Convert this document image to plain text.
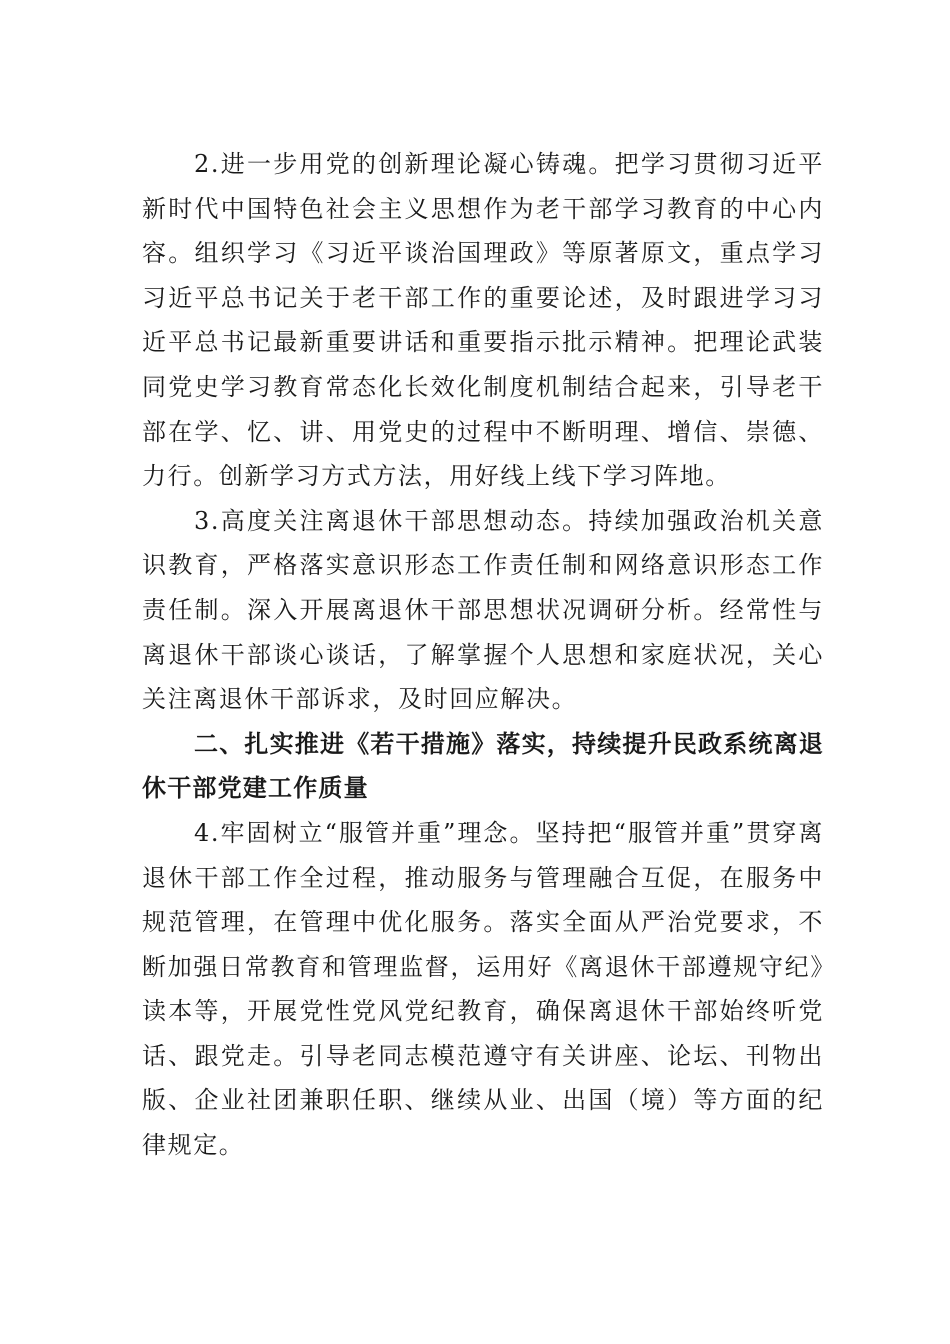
2.进一步用党的创新理论凝心铸魂。把学习贯彻习近平新时代中国特色社会主义思想作为老干部学习教育的中心内容。组织学习《习近平谈治国理政》等原著原文，重点学习习近平总书记关于老干部工作的重要论述，及时跟进学习习近平总书记最新重要讲话和重要指示批示精神。把理论武装同党史学习教育常态化长效化制度机制结合起来，引导老干部在学、忆、讲、用党史的过程中不断明理、增信、崇德、力行。创新学习方式方法，用好线上线下学习阵地。

3.高度关注离退休干部思想动态。持续加强政治机关意识教育，严格落实意识形态工作责任制和网络意识形态工作责任制。深入开展离退休干部思想状况调研分析。经常性与离退休干部谈心谈话，了解掌握个人思想和家庭状况，关心关注离退休干部诉求，及时回应解决。

二、扎实推进《若干措施》落实，持续提升民政系统离退休干部党建工作质量

4.牢固树立“服管并重”理念。坚持把“服管并重”贯穿离退休干部工作全过程，推动服务与管理融合互促，在服务中规范管理，在管理中优化服务。落实全面从严治党要求，不断加强日常教育和管理监督，运用好《离退休干部遵规守纪》读本等，开展党性党风党纪教育，确保离退休干部始终听党话、跟党走。引导老同志模范遵守有关讲座、论坛、刊物出版、企业社团兼职任职、继续从业、出国（境）等方面的纪律规定。
